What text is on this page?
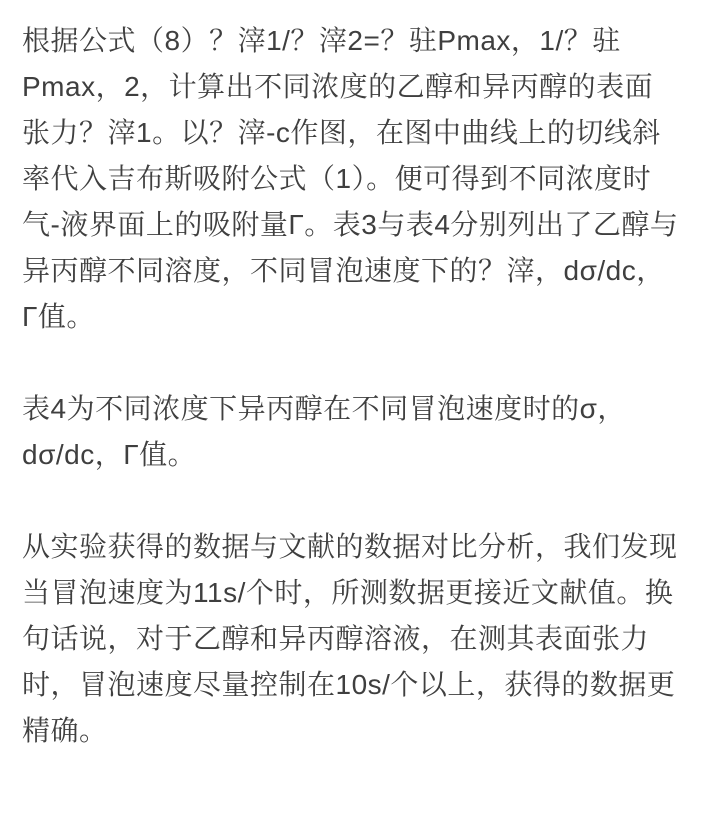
根据公式（8）？滓1/？滓2=？驻Pmax，1/？驻Pmax，2，计算出不同浓度的乙醇和异丙醇的表面张力？滓1。以？滓-c作图，在图中曲线上的切线斜率代入吉布斯吸附公式（1）。便可得到不同浓度时气-液界面上的吸附量Γ。表3与表4分别列出了乙醇与异丙醇不同溶度，不同冒泡速度下的？滓，dσ/dc，Γ值。

表4为不同浓度下异丙醇在不同冒泡速度时的σ，dσ/dc，Γ值。

从实验获得的数据与文献的数据对比分析，我们发现当冒泡速度为11s/个时，所测数据更接近文献值。换句话说，对于乙醇和异丙醇溶液，在测其表面张力时，冒泡速度尽量控制在10s/个以上，获得的数据更精确。
